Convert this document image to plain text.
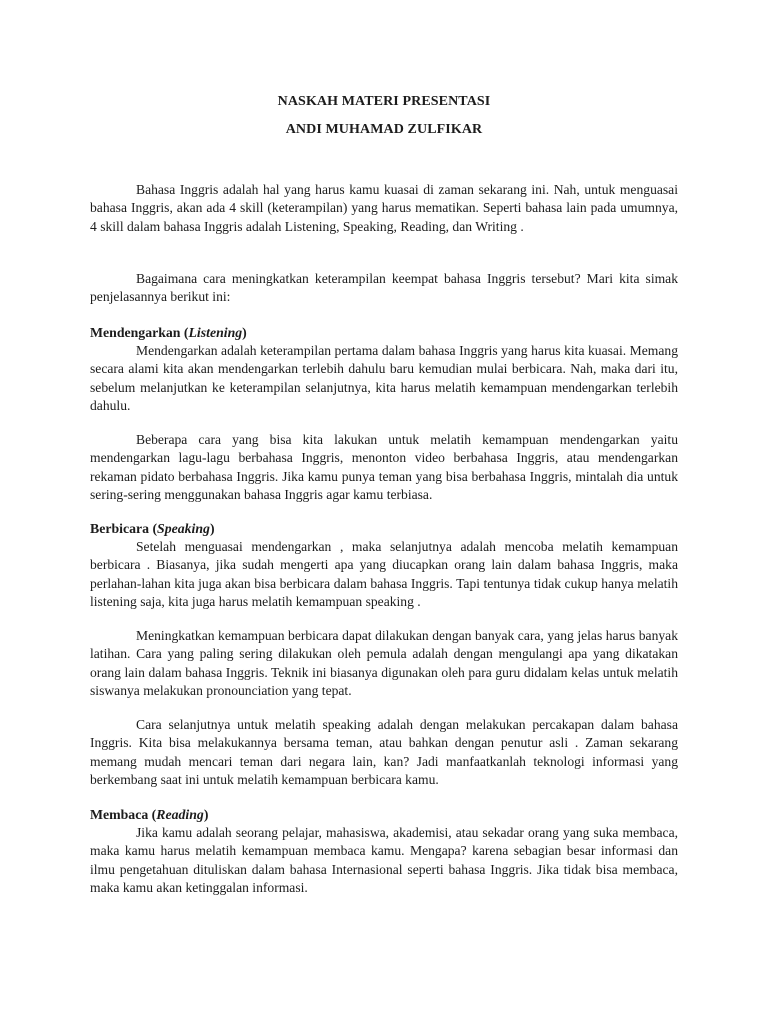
NASKAH MATERI PRESENTASI
ANDI MUHAMAD ZULFIKAR

Bahasa Inggris adalah hal yang harus kamu kuasai di zaman sekarang ini. Nah, untuk menguasai bahasa Inggris, akan ada 4 skill (keterampilan) yang harus mematikan. Seperti bahasa lain pada umumnya, 4 skill dalam bahasa Inggris adalah Listening, Speaking, Reading, dan Writing .

Bagaimana cara meningkatkan keterampilan keempat bahasa Inggris tersebut? Mari kita simak penjelasannya berikut ini:

Mendengarkan (Listening)

Mendengarkan adalah keterampilan pertama dalam bahasa Inggris yang harus kita kuasai. Memang secara alami kita akan mendengarkan terlebih dahulu baru kemudian mulai berbicara. Nah, maka dari itu, sebelum melanjutkan ke keterampilan selanjutnya, kita harus melatih kemampuan mendengarkan terlebih dahulu.

Beberapa cara yang bisa kita lakukan untuk melatih kemampuan mendengarkan yaitu mendengarkan lagu-lagu berbahasa Inggris, menonton video berbahasa Inggris, atau mendengarkan rekaman pidato berbahasa Inggris. Jika kamu punya teman yang bisa berbahasa Inggris, mintalah dia untuk sering-sering menggunakan bahasa Inggris agar kamu terbiasa.

Berbicara (Speaking)

Setelah menguasai mendengarkan , maka selanjutnya adalah mencoba melatih kemampuan berbicara . Biasanya, jika sudah mengerti apa yang diucapkan orang lain dalam bahasa Inggris, maka perlahan-lahan kita juga akan bisa berbicara dalam bahasa Inggris. Tapi tentunya tidak cukup hanya melatih listening saja, kita juga harus melatih kemampuan speaking .

Meningkatkan kemampuan berbicara dapat dilakukan dengan banyak cara, yang jelas harus banyak latihan. Cara yang paling sering dilakukan oleh pemula adalah dengan mengulangi apa yang dikatakan orang lain dalam bahasa Inggris. Teknik ini biasanya digunakan oleh para guru didalam kelas untuk melatih siswanya melakukan pronounciation yang tepat.

Cara selanjutnya untuk melatih speaking adalah dengan melakukan percakapan dalam bahasa Inggris. Kita bisa melakukannya bersama teman, atau bahkan dengan penutur asli . Zaman sekarang memang mudah mencari teman dari negara lain, kan? Jadi manfaatkanlah teknologi informasi yang berkembang saat ini untuk melatih kemampuan berbicara kamu.

Membaca (Reading)

Jika kamu adalah seorang pelajar, mahasiswa, akademisi, atau sekadar orang yang suka membaca, maka kamu harus melatih kemampuan membaca kamu. Mengapa? karena sebagian besar informasi dan ilmu pengetahuan dituliskan dalam bahasa Internasional seperti bahasa Inggris. Jika tidak bisa membaca, maka kamu akan ketinggalan informasi.
